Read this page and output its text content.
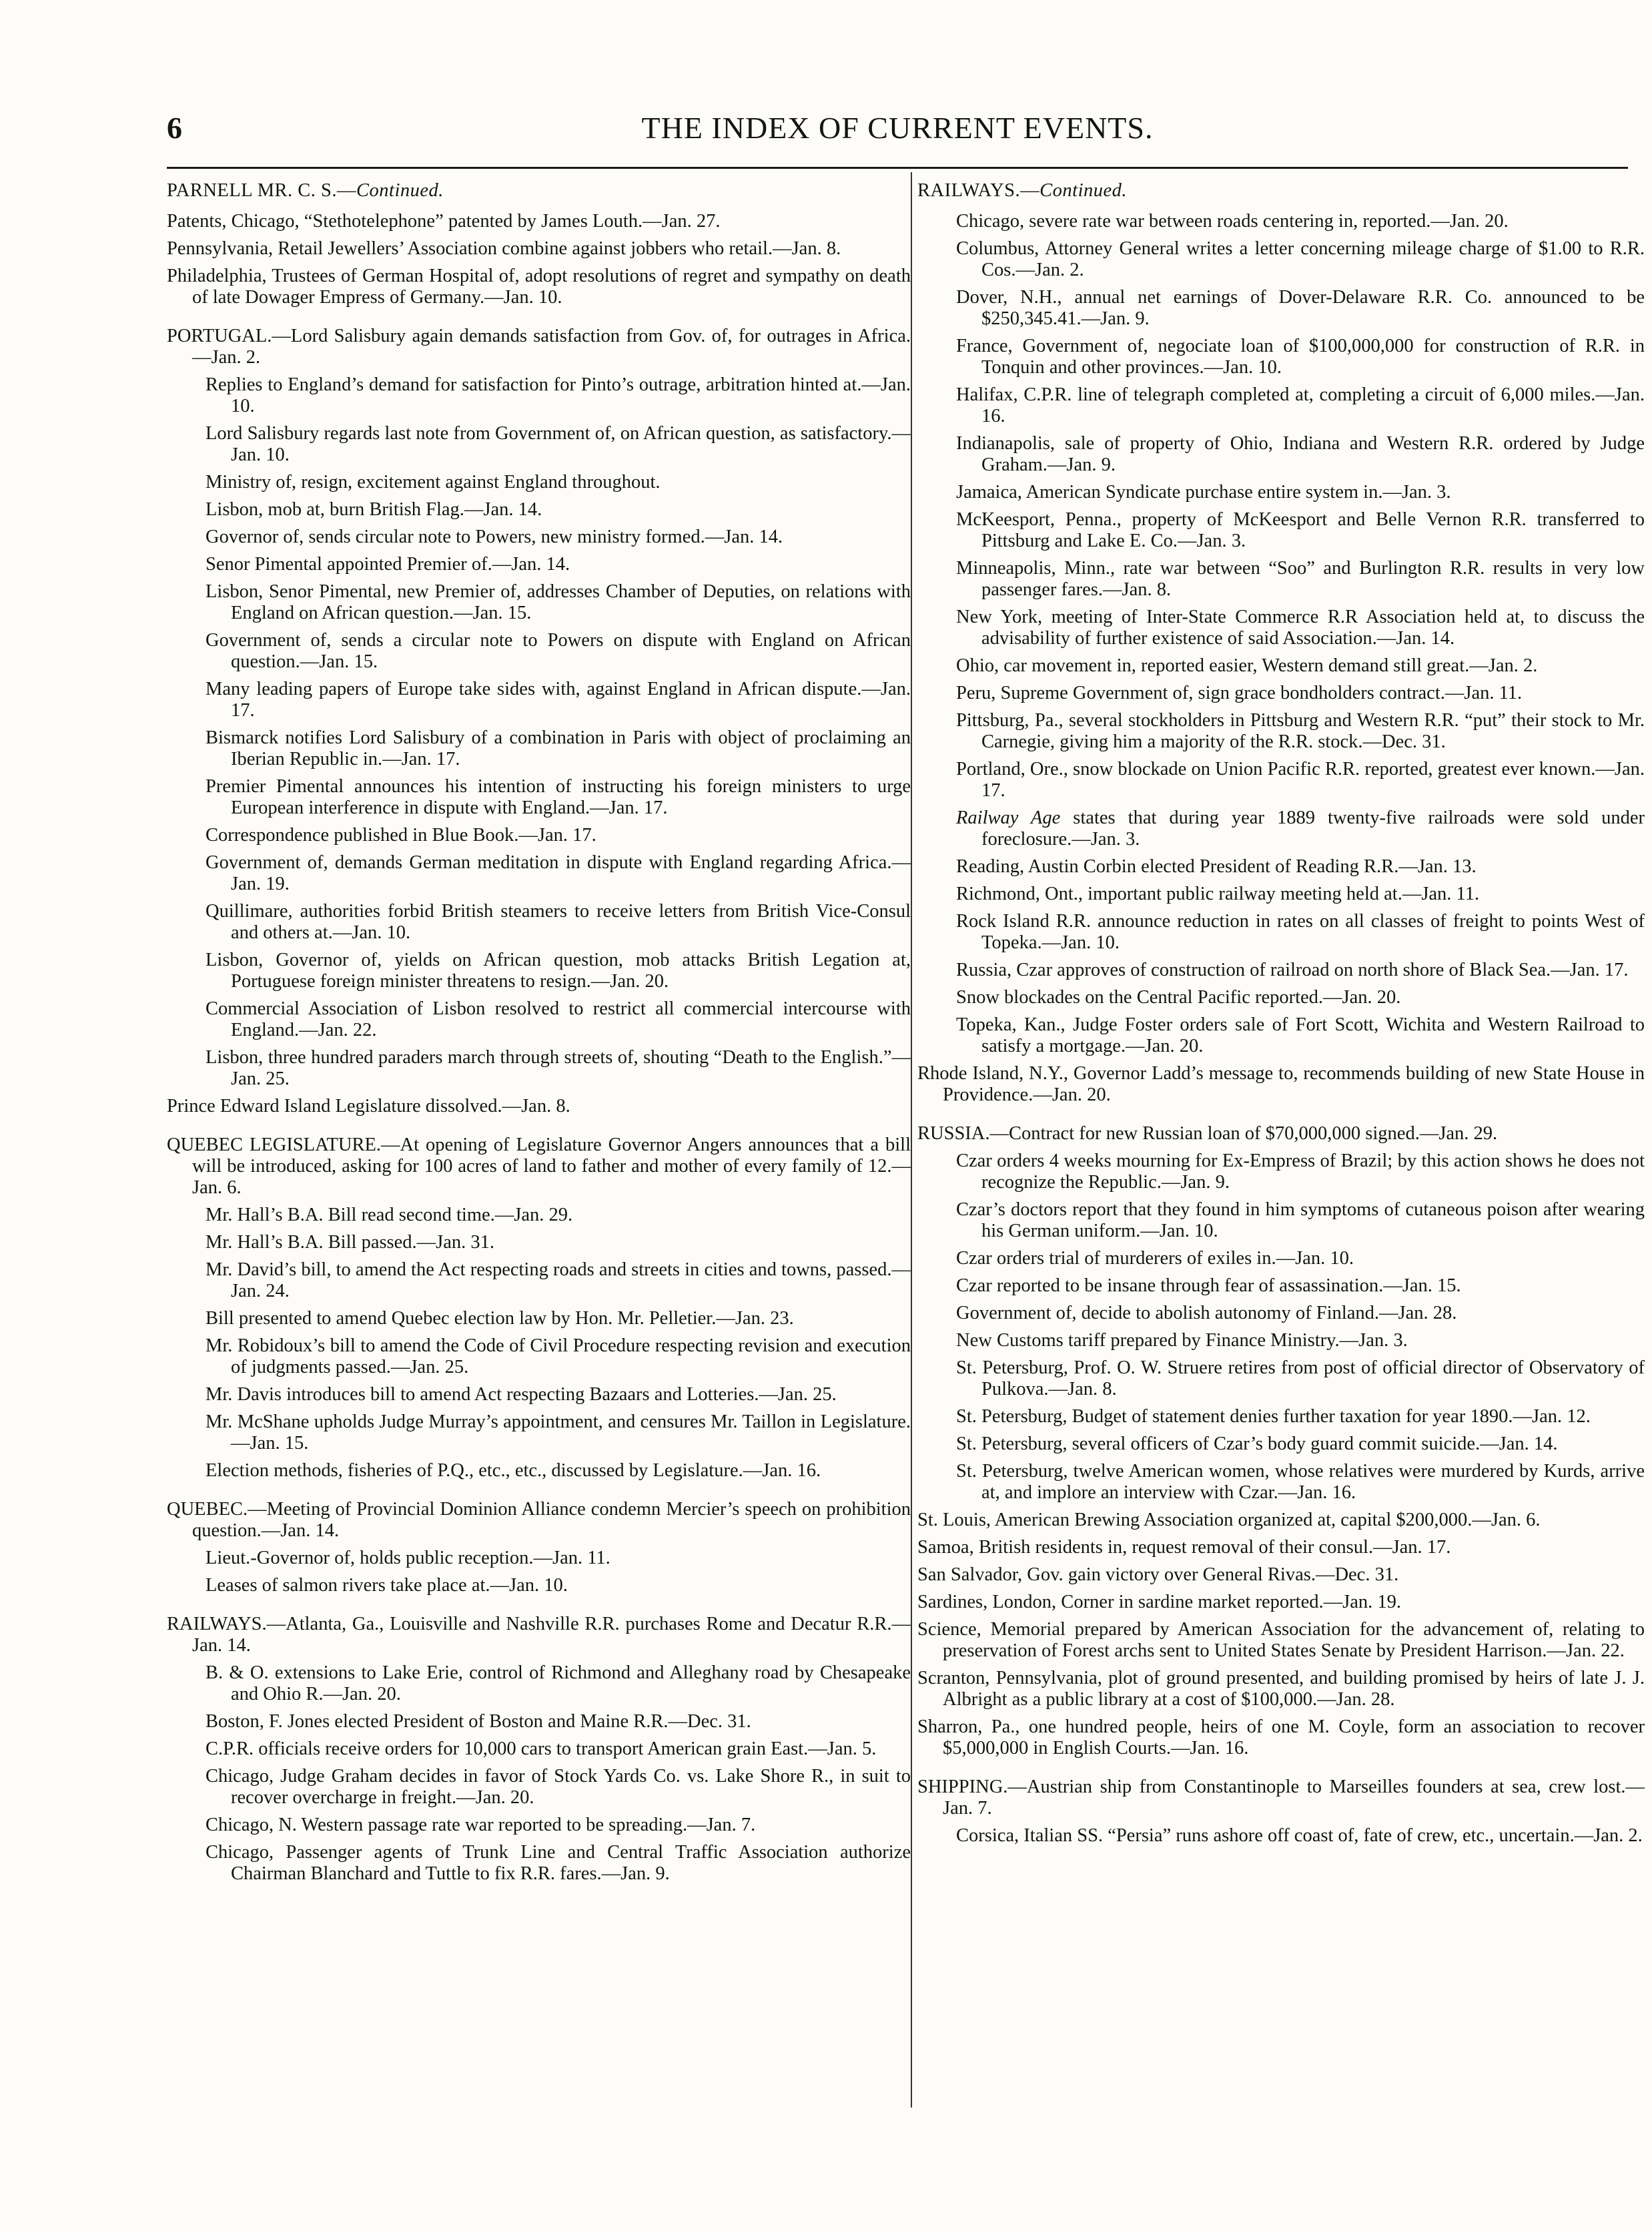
6	THE INDEX OF CURRENT EVENTS.

PARNELL MR. C. S.—Continued.

Patents, Chicago, “Stethotelephone” patented by James Louth.—Jan. 27.

Pennsylvania, Retail Jewellers’ Association combine against jobbers who retail.—Jan. 8.

Philadelphia, Trustees of German Hospital of, adopt resolutions of regret and sympathy on death of late Dowager Empress of Germany.—Jan. 10.

PORTUGAL.—Lord Salisbury again demands satisfaction from Gov. of, for outrages in Africa.—Jan. 2.

Replies to England’s demand for satisfaction for Pinto’s outrage, arbitration hinted at.—Jan. 10.

Lord Salisbury regards last note from Government of, on African question, as satisfactory.—Jan. 10.

Ministry of, resign, excitement against England throughout.

Lisbon, mob at, burn British Flag.—Jan. 14.

Governor of, sends circular note to Powers, new ministry formed.—Jan. 14.

Senor Pimental appointed Premier of.—Jan. 14.

Lisbon, Senor Pimental, new Premier of, addresses Chamber of Deputies, on relations with England on African question.—Jan. 15.

Government of, sends a circular note to Powers on dispute with England on African question.—Jan. 15.

Many leading papers of Europe take sides with, against England in African dispute.—Jan. 17.

Bismarck notifies Lord Salisbury of a combination in Paris with object of proclaiming an Iberian Republic in.—Jan. 17.

Premier Pimental announces his intention of instructing his foreign ministers to urge European interference in dispute with England.—Jan. 17.

Correspondence published in Blue Book.—Jan. 17.

Government of, demands German meditation in dispute with England regarding Africa.—Jan. 19.

Quillimare, authorities forbid British steamers to receive letters from British Vice-Consul and others at.—Jan. 10.

Lisbon, Governor of, yields on African question, mob attacks British Legation at, Portuguese foreign minister threatens to resign.—Jan. 20.

Commercial Association of Lisbon resolved to restrict all commercial intercourse with England.—Jan. 22.

Lisbon, three hundred paraders march through streets of, shouting “Death to the English.”—Jan. 25.

Prince Edward Island Legislature dissolved.—Jan. 8.

QUEBEC LEGISLATURE.—At opening of Legislature Governor Angers announces that a bill will be introduced, asking for 100 acres of land to father and mother of every family of 12.—Jan. 6.

Mr. Hall’s B.A. Bill read second time.—Jan. 29.

Mr. Hall’s B.A. Bill passed.—Jan. 31.

Mr. David’s bill, to amend the Act respecting roads and streets in cities and towns, passed.—Jan. 24.

Bill presented to amend Quebec election law by Hon. Mr. Pelletier.—Jan. 23.

Mr. Robidoux’s bill to amend the Code of Civil Procedure respecting revision and execution of judgments passed.—Jan. 25.

Mr. Davis introduces bill to amend Act respecting Bazaars and Lotteries.—Jan. 25.

Mr. McShane upholds Judge Murray’s appointment, and censures Mr. Taillon in Legislature.—Jan. 15.

Election methods, fisheries of P.Q., etc., etc., discussed by Legislature.—Jan. 16.

QUEBEC.—Meeting of Provincial Dominion Alliance condemn Mercier’s speech on prohibition question.—Jan. 14.

Lieut.-Governor of, holds public reception.—Jan. 11.

Leases of salmon rivers take place at.—Jan. 10.

RAILWAYS.—Atlanta, Ga., Louisville and Nashville R.R. purchases Rome and Decatur R.R.—Jan. 14.

B. & O. extensions to Lake Erie, control of Richmond and Alleghany road by Chesapeake and Ohio R.—Jan. 20.

Boston, F. Jones elected President of Boston and Maine R.R.—Dec. 31.

C.P.R. officials receive orders for 10,000 cars to transport American grain East.—Jan. 5.

Chicago, Judge Graham decides in favor of Stock Yards Co. vs. Lake Shore R., in suit to recover overcharge in freight.—Jan. 20.

Chicago, N. Western passage rate war reported to be spreading.—Jan. 7.

Chicago, Passenger agents of Trunk Line and Central Traffic Association authorize Chairman Blanchard and Tuttle to fix R.R. fares.—Jan. 9.

RAILWAYS.—Continued.

Chicago, severe rate war between roads centering in, reported.—Jan. 20.

Columbus, Attorney General writes a letter concerning mileage charge of $1.00 to R.R. Cos.—Jan. 2.

Dover, N.H., annual net earnings of Dover-Delaware R.R. Co. announced to be $250,345.41.—Jan. 9.

France, Government of, negociate loan of $100,000,000 for construction of R.R. in Tonquin and other provinces.—Jan. 10.

Halifax, C.P.R. line of telegraph completed at, completing a circuit of 6,000 miles.—Jan. 16.

Indianapolis, sale of property of Ohio, Indiana and Western R.R. ordered by Judge Graham.—Jan. 9.

Jamaica, American Syndicate purchase entire system in.—Jan. 3.

McKeesport, Penna., property of McKeesport and Belle Vernon R.R. transferred to Pittsburg and Lake E. Co.—Jan. 3.

Minneapolis, Minn., rate war between “Soo” and Burlington R.R. results in very low passenger fares.—Jan. 8.

New York, meeting of Inter-State Commerce R.R Association held at, to discuss the advisability of further existence of said Association.—Jan. 14.

Ohio, car movement in, reported easier, Western demand still great.—Jan. 2.

Peru, Supreme Government of, sign grace bondholders contract.—Jan. 11.

Pittsburg, Pa., several stockholders in Pittsburg and Western R.R. “put” their stock to Mr. Carnegie, giving him a majority of the R.R. stock.—Dec. 31.

Portland, Ore., snow blockade on Union Pacific R.R. reported, greatest ever known.—Jan. 17.

Railway Age states that during year 1889 twenty-five railroads were sold under foreclosure.—Jan. 3.

Reading, Austin Corbin elected President of Reading R.R.—Jan. 13.

Richmond, Ont., important public railway meeting held at.—Jan. 11.

Rock Island R.R. announce reduction in rates on all classes of freight to points West of Topeka.—Jan. 10.

Russia, Czar approves of construction of railroad on north shore of Black Sea.—Jan. 17.

Snow blockades on the Central Pacific reported.—Jan. 20.

Topeka, Kan., Judge Foster orders sale of Fort Scott, Wichita and Western Railroad to satisfy a mortgage.—Jan. 20.

Rhode Island, N.Y., Governor Ladd’s message to, recommends building of new State House in Providence.—Jan. 20.

RUSSIA.—Contract for new Russian loan of $70,000,000 signed.—Jan. 29.

Czar orders 4 weeks mourning for Ex-Empress of Brazil; by this action shows he does not recognize the Republic.—Jan. 9.

Czar’s doctors report that they found in him symptoms of cutaneous poison after wearing his German uniform.—Jan. 10.

Czar orders trial of murderers of exiles in.—Jan. 10.

Czar reported to be insane through fear of assassination.—Jan. 15.

Government of, decide to abolish autonomy of Finland.—Jan. 28.

New Customs tariff prepared by Finance Ministry.—Jan. 3.

St. Petersburg, Prof. O. W. Struere retires from post of official director of Observatory of Pulkova.—Jan. 8.

St. Petersburg, Budget of statement denies further taxation for year 1890.—Jan. 12.

St. Petersburg, several officers of Czar’s body guard commit suicide.—Jan. 14.

St. Petersburg, twelve American women, whose relatives were murdered by Kurds, arrive at, and implore an interview with Czar.—Jan. 16.

St. Louis, American Brewing Association organized at, capital $200,000.—Jan. 6.

Samoa, British residents in, request removal of their consul.—Jan. 17.

San Salvador, Gov. gain victory over General Rivas.—Dec. 31.

Sardines, London, Corner in sardine market reported.—Jan. 19.

Science, Memorial prepared by American Association for the advancement of, relating to preservation of Forest archs sent to United States Senate by President Harrison.—Jan. 22.

Scranton, Pennsylvania, plot of ground presented, and building promised by heirs of late J. J. Albright as a public library at a cost of $100,000.—Jan. 28.

Sharron, Pa., one hundred people, heirs of one M. Coyle, form an association to recover $5,000,000 in English Courts.—Jan. 16.

SHIPPING.—Austrian ship from Constantinople to Marseilles founders at sea, crew lost.—Jan. 7.

Corsica, Italian SS. “Persia” runs ashore off coast of, fate of crew, etc., uncertain.—Jan. 2.
